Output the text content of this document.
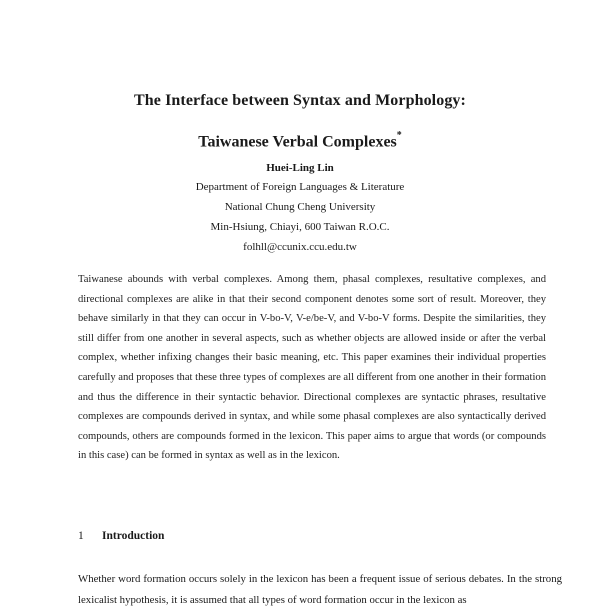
The Interface between Syntax and Morphology:
Taiwanese Verbal Complexes*
Huei-Ling Lin
Department of Foreign Languages & Literature
National Chung Cheng University
Min-Hsiung, Chiayi, 600 Taiwan R.O.C.
folhll@ccunix.ccu.edu.tw
Taiwanese abounds with verbal complexes. Among them, phasal complexes, resultative complexes, and directional complexes are alike in that their second component denotes some sort of result. Moreover, they behave similarly in that they can occur in V-bo-V, V-e/be-V, and V-bo-V forms. Despite the similarities, they still differ from one another in several aspects, such as whether objects are allowed inside or after the verbal complex, whether infixing changes their basic meaning, etc. This paper examines their individual properties carefully and proposes that these three types of complexes are all different from one another in their formation and thus the difference in their syntactic behavior. Directional complexes are syntactic phrases, resultative complexes are compounds derived in syntax, and while some phasal complexes are also syntactically derived compounds, others are compounds formed in the lexicon. This paper aims to argue that words (or compounds in this case) can be formed in syntax as well as in the lexicon.
1 Introduction
Whether word formation occurs solely in the lexicon has been a frequent issue of serious debates. In the strong lexicalist hypothesis, it is assumed that all types of word formation occur in the lexicon as
